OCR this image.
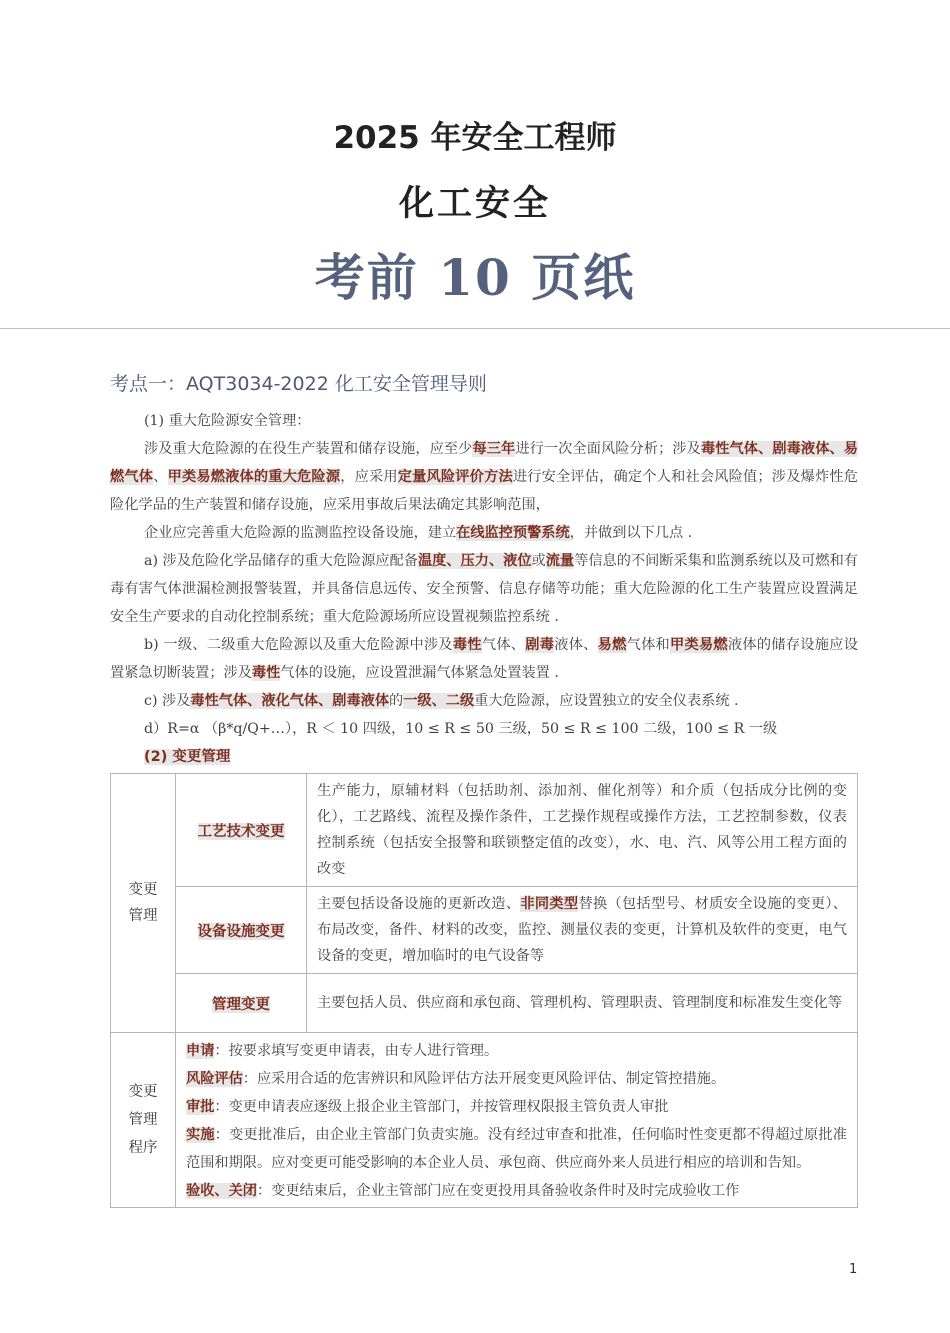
2025 年安全工程师
化工安全
考前 10 页纸
考点一：AQT3034-2022 化工安全管理导则

(1) 重大危险源安全管理：

涉及重大危险源的在役生产装置和储存设施，应至少每三年进行一次全面风险分析；涉及毒性气体、剧毒液体、易燃气体、甲类易燃液体的重大危险源，应采用定量风险评价方法进行安全评估，确定个人和社会风险值；涉及爆炸性危险化学品的生产装置和储存设施，应采用事故后果法确定其影响范围，

企业应完善重大危险源的监测监控设备设施，建立在线监控预警系统，并做到以下几点 .

a) 涉及危险化学品储存的重大危险源应配备温度、压力、液位或流量等信息的不间断采集和监测系统以及可燃和有毒有害气体泄漏检测报警装置，并具备信息远传、安全预警、信息存储等功能；重大危险源的化工生产装置应设置满足安全生产要求的自动化控制系统；重大危险源场所应设置视频监控系统 .

b) 一级、二级重大危险源以及重大危险源中涉及毒性气体、剧毒液体、易燃气体和甲类易燃液体的储存设施应设置紧急切断装置；涉及毒性气体的设施，应设置泄漏气体紧急处置装置 .

c) 涉及毒性气体、液化气体、剧毒液体的一级、二级重大危险源，应设置独立的安全仪表系统 .

d）R=α （β*q/Q+…），R ＜ 10 四级，10 ≤ R ≤ 50 三级，50 ≤ R ≤ 100 二级，100 ≤ R 一级

(2) 变更管理
变更
管理	工艺技术变更	生产能力，原辅材料（包括助剂、添加剂、催化剂等）和介质（包括成分比例的变化），工艺路线、流程及操作条件，工艺操作规程或操作方法，工艺控制参数，仪表控制系统（包括安全报警和联锁整定值的改变），水、电、汽、风等公用工程方面的改变
	设备设施变更	主要包括设备设施的更新改造、非同类型替换（包括型号、材质安全设施的变更）、布局改变，备件、材料的改变，监控、测量仪表的变更，计算机及软件的变更，电气设备的变更，增加临时的电气设备等
	管理变更	主要包括人员、供应商和承包商、管理机构、管理职责、管理制度和标准发生变化等

变更
管理
程序

申请：按要求填写变更申请表，由专人进行管理。
风险评估：应采用合适的危害辨识和风险评估方法开展变更风险评估、制定管控措施。
审批：变更申请表应逐级上报企业主管部门，并按管理权限报主管负责人审批
实施：变更批准后，由企业主管部门负责实施。没有经过审查和批准，任何临时性变更都不得超过原批准范围和期限。应对变更可能受影响的本企业人员、承包商、供应商外来人员进行相应的培训和告知。
验收、关闭：变更结束后，企业主管部门应在变更投用具备验收条件时及时完成验收工作
1
